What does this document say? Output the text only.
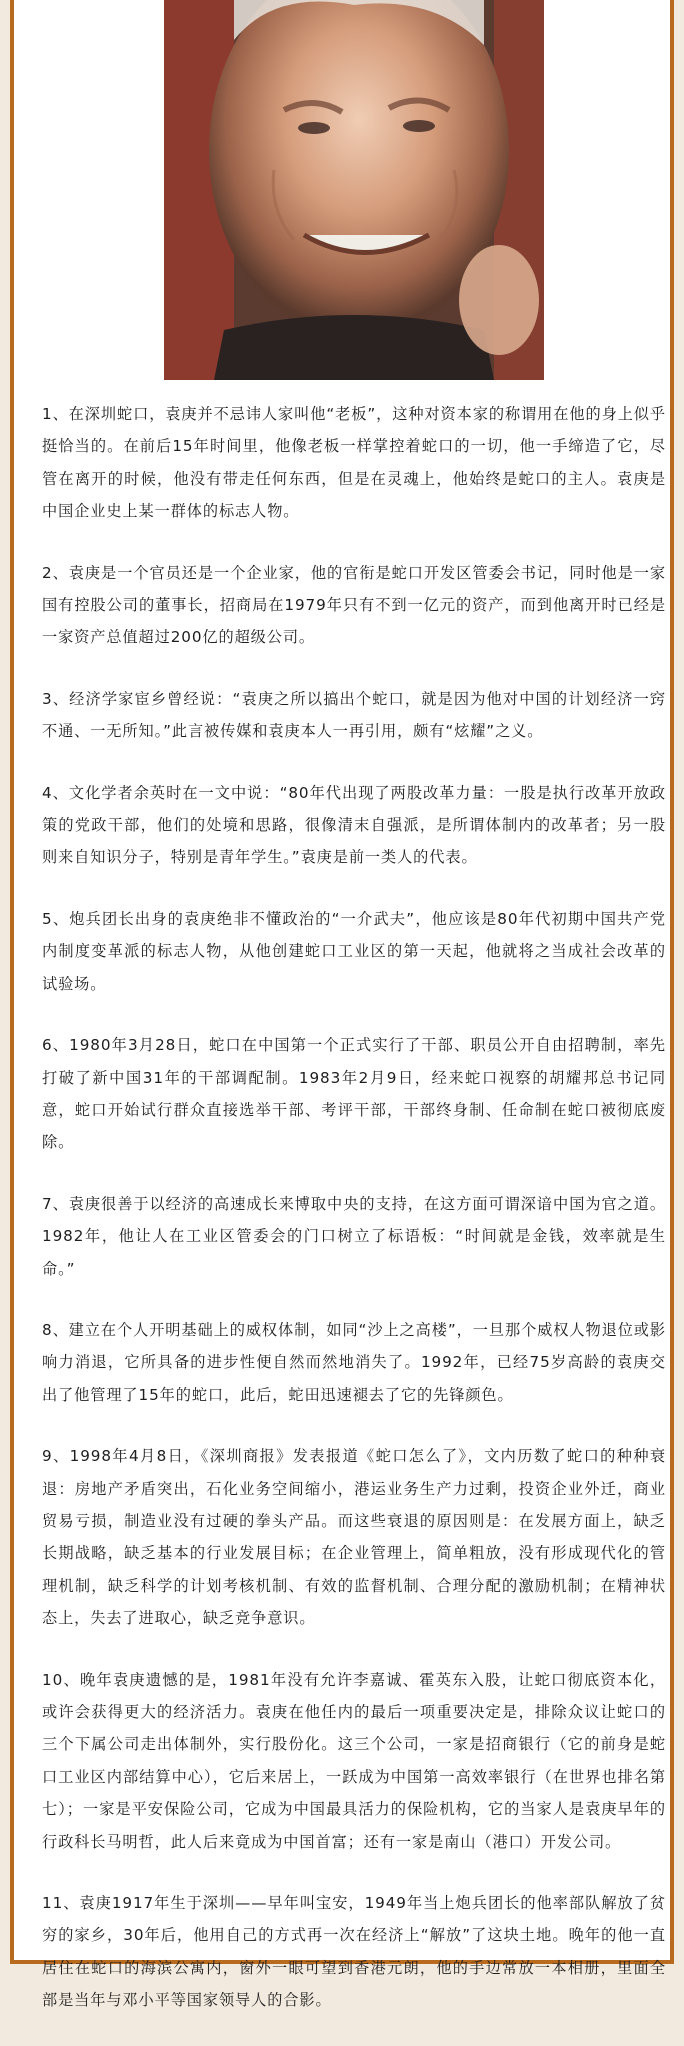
1、在深圳蛇口，袁庚并不忌讳人家叫他“老板”，这种对资本家的称谓用在他的身上似乎挺恰当的。在前后15年时间里，他像老板一样掌控着蛇口的一切，他一手缔造了它，尽管在离开的时候，他没有带走任何东西，但是在灵魂上，他始终是蛇口的主人。袁庚是中国企业史上某一群体的标志人物。

2、袁庚是一个官员还是一个企业家，他的官衔是蛇口开发区管委会书记，同时他是一家国有控股公司的董事长，招商局在1979年只有不到一亿元的资产，而到他离开时已经是一家资产总值超过200亿的超级公司。

3、经济学家宦乡曾经说：“袁庚之所以搞出个蛇口，就是因为他对中国的计划经济一窍不通、一无所知。”此言被传媒和袁庚本人一再引用，颇有“炫耀”之义。

4、文化学者余英时在一文中说：“80年代出现了两股改革力量：一股是执行改革开放政策的党政干部，他们的处境和思路，很像清末自强派，是所谓体制内的改革者；另一股则来自知识分子，特别是青年学生。”袁庚是前一类人的代表。

5、炮兵团长出身的袁庚绝非不懂政治的“一介武夫”，他应该是80年代初期中国共产党内制度变革派的标志人物，从他创建蛇口工业区的第一天起，他就将之当成社会改革的试验场。

6、1980年3月28日，蛇口在中国第一个正式实行了干部、职员公开自由招聘制，率先打破了新中国31年的干部调配制。1983年2月9日，经来蛇口视察的胡耀邦总书记同意，蛇口开始试行群众直接选举干部、考评干部，干部终身制、任命制在蛇口被彻底废除。

7、袁庚很善于以经济的高速成长来博取中央的支持，在这方面可谓深谙中国为官之道。1982年，他让人在工业区管委会的门口树立了标语板：“时间就是金钱，效率就是生命。”

8、建立在个人开明基础上的威权体制，如同“沙上之高楼”，一旦那个威权人物退位或影响力消退，它所具备的进步性便自然而然地消失了。1992年，已经75岁高龄的袁庚交出了他管理了15年的蛇口，此后，蛇田迅速褪去了它的先锋颜色。

9、1998年4月8日，《深圳商报》发表报道《蛇口怎么了》，文内历数了蛇口的种种衰退：房地产矛盾突出，石化业务空间缩小，港运业务生产力过剩，投资企业外迁，商业贸易亏损，制造业没有过硬的拳头产品。而这些衰退的原因则是：在发展方面上，缺乏长期战略，缺乏基本的行业发展目标；在企业管理上，简单粗放，没有形成现代化的管理机制，缺乏科学的计划考核机制、有效的监督机制、合理分配的激励机制；在精神状态上，失去了进取心，缺乏竞争意识。

10、晚年袁庚遗憾的是，1981年没有允许李嘉诚、霍英东入股，让蛇口彻底资本化，或许会获得更大的经济活力。袁庚在他任内的最后一项重要决定是，排除众议让蛇口的三个下属公司走出体制外，实行股份化。这三个公司，一家是招商银行（它的前身是蛇口工业区内部结算中心），它后来居上，一跃成为中国第一高效率银行（在世界也排名第七）；一家是平安保险公司，它成为中国最具活力的保险机构，它的当家人是袁庚早年的行政科长马明哲，此人后来竟成为中国首富；还有一家是南山（港口）开发公司。

11、袁庚1917年生于深圳——早年叫宝安，1949年当上炮兵团长的他率部队解放了贫穷的家乡，30年后，他用自己的方式再一次在经济上“解放”了这块土地。晚年的他一直居住在蛇口的海滨公寓内，窗外一眼可望到香港元朗，他的手边常放一本相册，里面全部是当年与邓小平等国家领导人的合影。
